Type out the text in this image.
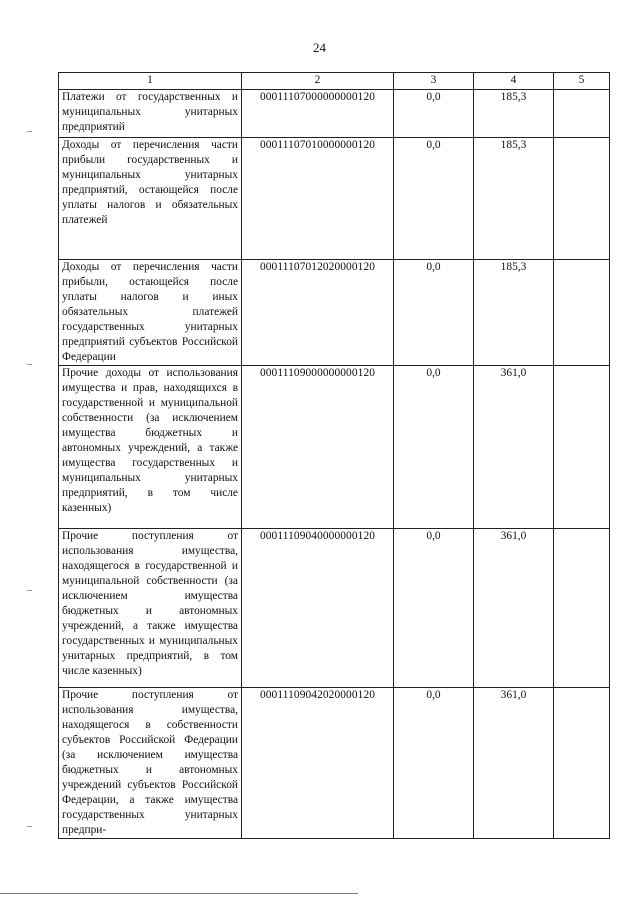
24
1	2	3	4	5
Платежи от государственных и муниципальных унитарных предприятий	00011107000000000120	0,0	185,3	
Доходы от перечисления части прибыли государственных и муниципальных унитарных предприятий, остающейся после уплаты налогов и обязательных платежей	00011107010000000120	0,0	185,3	
Доходы от перечисления части прибыли, остающейся после уплаты налогов и иных обязательных платежей государственных унитарных предприятий субъектов Российской Федерации	00011107012020000120	0,0	185,3	
Прочие доходы от использования имущества и прав, находящихся в государственной и муниципальной собственности (за исключением имущества бюджетных и автономных учреждений, а также имущества государственных и муниципальных унитарных предприятий, в том числе казенных)	00011109000000000120	0,0	361,0	
Прочие поступления от использования имущества, находящегося в государственной и муниципальной собственности (за исключением имущества бюджетных и автономных учреждений, а также имущества государственных и муниципальных унитарных предприятий, в том числе казенных)	00011109040000000120	0,0	361,0	
Прочие поступления от использования имущества, находящегося в собственности субъектов Российской Федерации (за исключением имущества бюджетных и автономных учреждений субъектов Российской Федерации, а также имущества государственных унитарных предпри-	00011109042020000120	0,0	361,0	
